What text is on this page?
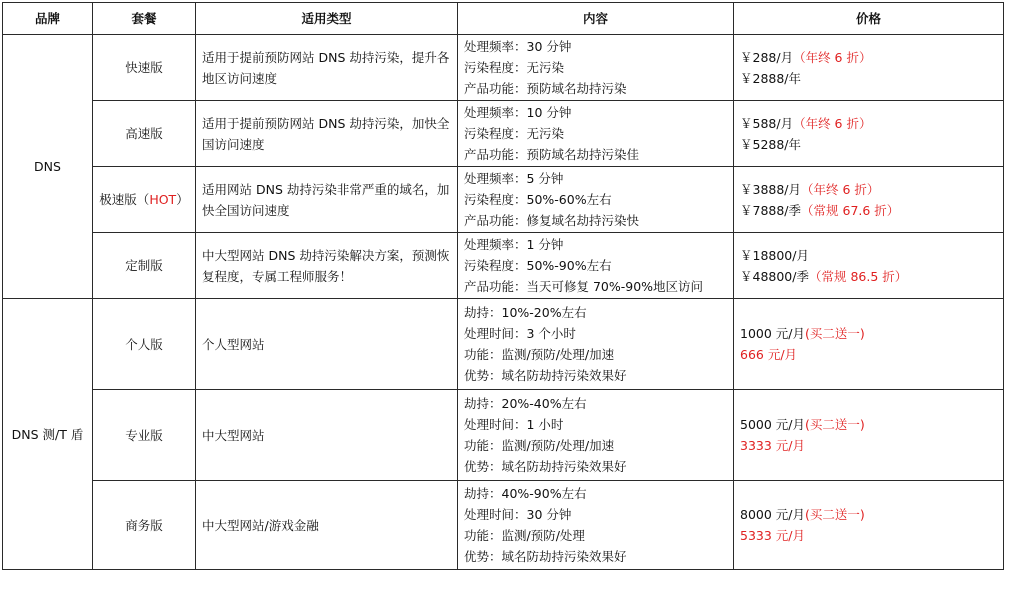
品牌	套餐	适用类型	内容	价格
DNS	快速版	适用于提前预防网站 DNS 劫持污染，提升各地区访问速度	处理频率：30 分钟
污染程度：无污染
产品功能：预防域名劫持污染	￥288/月（年终 6 折）
￥2888/年

	高速版	适用于提前预防网站 DNS 劫持污染，加快全国访问速度	处理频率：10 分钟
污染程度：无污染
产品功能：预防域名劫持污染佳	￥588/月（年终 6 折）
￥5288/年

	极速版（HOT）	适用网站 DNS 劫持污染非常严重的域名，加快全国访问速度	处理频率：5 分钟
污染程度：50%-60%左右
产品功能：修复域名劫持污染快	￥3888/月（年终 6 折）
￥7888/季（常规 67.6 折）

	定制版	中大型网站 DNS 劫持污染解决方案，预测恢复程度，专属工程师服务！	处理频率：1 分钟
污染程度：50%-90%左右
产品功能：当天可修复 70%-90%地区访问	￥18800/月
￥48800/季（常规 86.5 折）

DNS 测/T 盾	个人版	个人型网站	劫持：10%-20%左右
处理时间：3 个小时
功能：监测/预防/处理/加速
优势：域名防劫持污染效果好	1000 元/月(买二送一)
666 元/月

	专业版	中大型网站	劫持：20%-40%左右
处理时间：1 小时
功能：监测/预防/处理/加速
优势：域名防劫持污染效果好	5000 元/月(买二送一)
3333 元/月

	商务版	中大型网站/游戏金融	劫持：40%-90%左右
处理时间：30 分钟
功能：监测/预防/处理
优势：域名防劫持污染效果好	8000 元/月(买二送一)
5333 元/月
